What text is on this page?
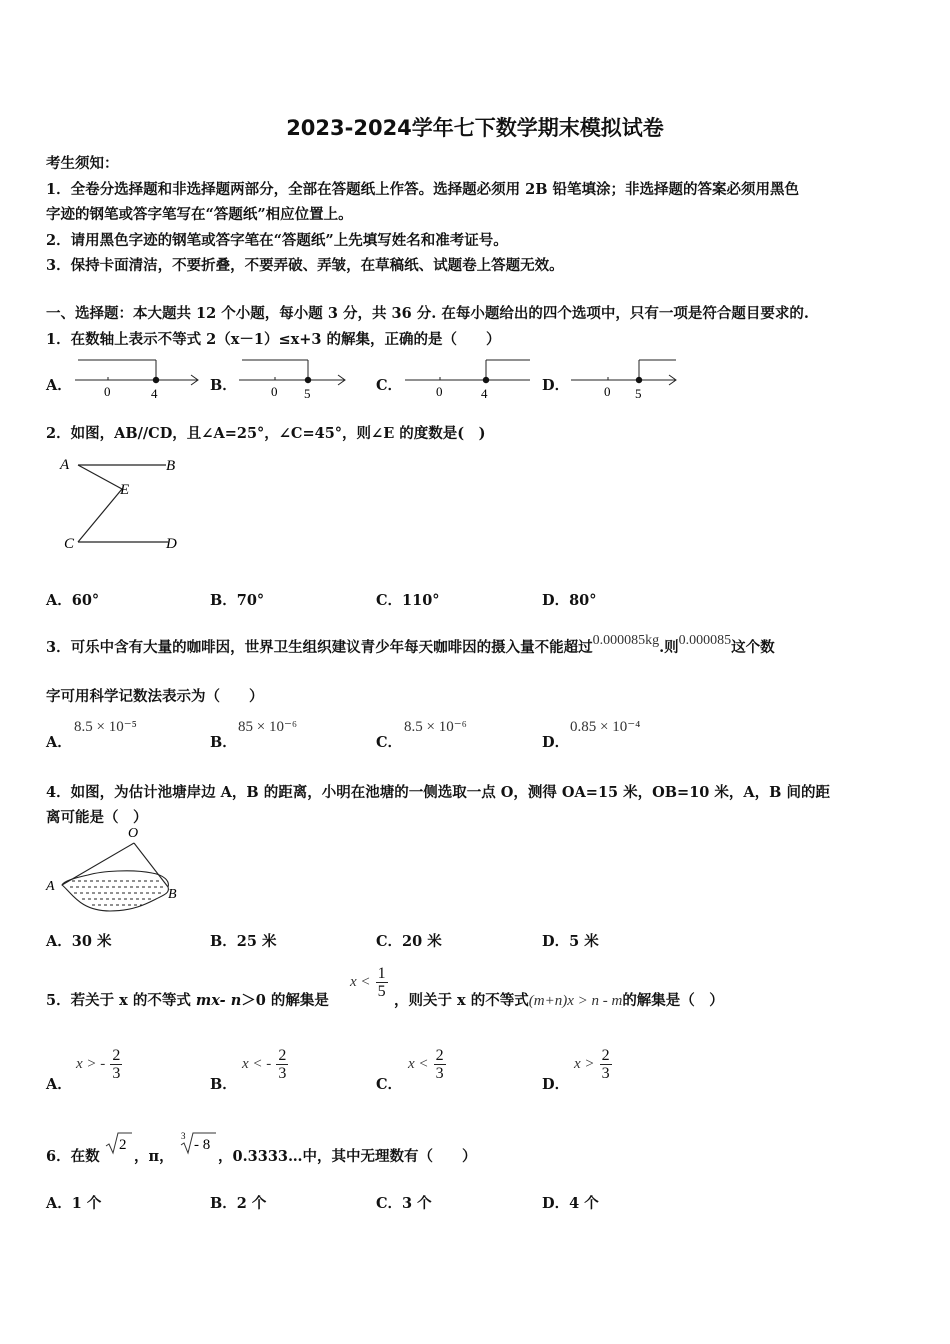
2023-2024学年七下数学期末模拟试卷
考生须知：
1．全卷分选择题和非选择题两部分，全部在答题纸上作答。选择题必须用 2B 铅笔填涂；非选择题的答案必须用黑色
字迹的钢笔或答字笔写在“答题纸”相应位置上。
2．请用黑色字迹的钢笔或答字笔在“答题纸”上先填写姓名和准考证号。
3．保持卡面清洁，不要折叠，不要弄破、弄皱，在草稿纸、试题卷上答题无效。
一、选择题：本大题共 12 个小题，每小题 3 分，共 36 分. 在每小题给出的四个选项中，只有一项是符合题目要求的.
1．在数轴上表示不等式 2（x－1）≤x+3 的解集，正确的是（　　）
A． 0	4	B．	0 5	C．	0	4	D．	0 5
2．如图，AB//CD，且∠A=25°，∠C=45°，则∠E 的度数是(　)
A	B
E
C	D
A．60°	B．70°	C．110°	D．80°
3．可乐中含有大量的咖啡因，世界卫生组织建议青少年每天咖啡因的摄入量不能超过0.000085kg.则0.000085这个数
字可用科学记数法表示为（　　）
A．
8.5 × 10⁻⁵
B．
85 × 10⁻⁶
C．
8.5 × 10⁻⁶
D．
0.85 × 10⁻⁴
4．如图，为估计池塘岸边 A，B 的距离，小明在池塘的一侧选取一点 O，测得 OA=15 米，OB=10 米，A，B 间的距
离可能是（　）
O
A
B
A．30 米	B．25 米	C．20 米	D．5 米
5．若关于 x 的不等式 mx- n＞0 的解集是
$x < \frac{1}{5}$
，则关于 x 的不等式(m+n)x > n - m的解集是（　）
A．
x > - $\frac{2}{3}$
B．
x < - $\frac{2}{3}$
C．
$x < \frac{2}{3}$
D．
$x > \frac{2}{3}$
6．在数
2
，π，
3
- 8
，0.3333…中，其中无理数有（　　）
A．1 个	B．2 个	C．3 个	D．4 个
